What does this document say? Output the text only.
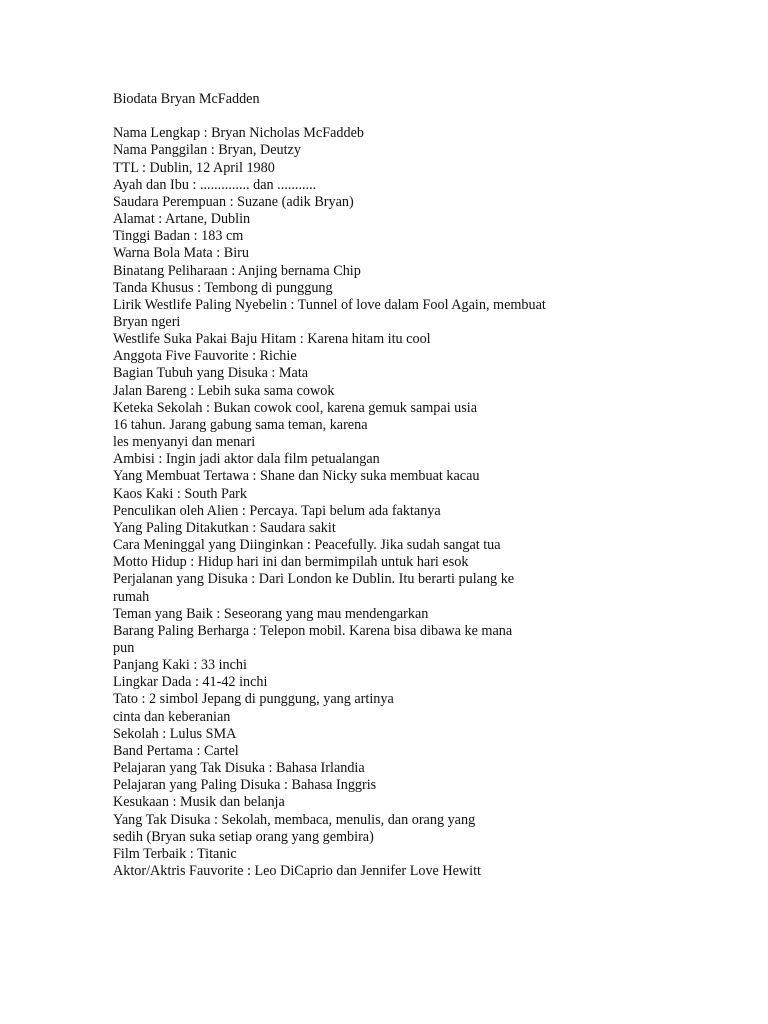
Biodata Bryan McFadden
Nama Lengkap : Bryan Nicholas McFaddeb
Nama Panggilan : Bryan, Deutzy
TTL : Dublin, 12 April 1980
Ayah dan Ibu : .............. dan ...........
Saudara Perempuan : Suzane (adik Bryan)
Alamat : Artane, Dublin
Tinggi Badan : 183 cm
Warna Bola Mata : Biru
Binatang Peliharaan : Anjing bernama Chip
Tanda Khusus : Tembong di punggung
Lirik Westlife Paling Nyebelin : Tunnel of love dalam Fool Again, membuat
Bryan ngeri
Westlife Suka Pakai Baju Hitam : Karena hitam itu cool
Anggota Five Fauvorite : Richie
Bagian Tubuh yang Disuka : Mata
Jalan Bareng : Lebih suka sama cowok
Keteka Sekolah : Bukan cowok cool, karena gemuk sampai usia
16 tahun. Jarang gabung sama teman, karena
les menyanyi dan menari
Ambisi : Ingin jadi aktor dala film petualangan
Yang Membuat Tertawa : Shane dan Nicky suka membuat kacau
Kaos Kaki : South Park
Penculikan oleh Alien : Percaya. Tapi belum ada faktanya
Yang Paling Ditakutkan : Saudara sakit
Cara Meninggal yang Diinginkan : Peacefully. Jika sudah sangat tua
Motto Hidup : Hidup hari ini dan bermimpilah untuk hari esok
Perjalanan yang Disuka : Dari London ke Dublin. Itu berarti pulang ke
rumah
Teman yang Baik : Seseorang yang mau mendengarkan
Barang Paling Berharga : Telepon mobil. Karena bisa dibawa ke mana
pun
Panjang Kaki : 33 inchi
Lingkar Dada : 41-42 inchi
Tato : 2 simbol Jepang di punggung, yang artinya
cinta dan keberanian
Sekolah : Lulus SMA
Band Pertama : Cartel
Pelajaran yang Tak Disuka : Bahasa Irlandia
Pelajaran yang Paling Disuka : Bahasa Inggris
Kesukaan : Musik dan belanja
Yang Tak Disuka : Sekolah, membaca, menulis, dan orang yang
sedih (Bryan suka setiap orang yang gembira)
Film Terbaik : Titanic
Aktor/Aktris Fauvorite : Leo DiCaprio dan Jennifer Love Hewitt
